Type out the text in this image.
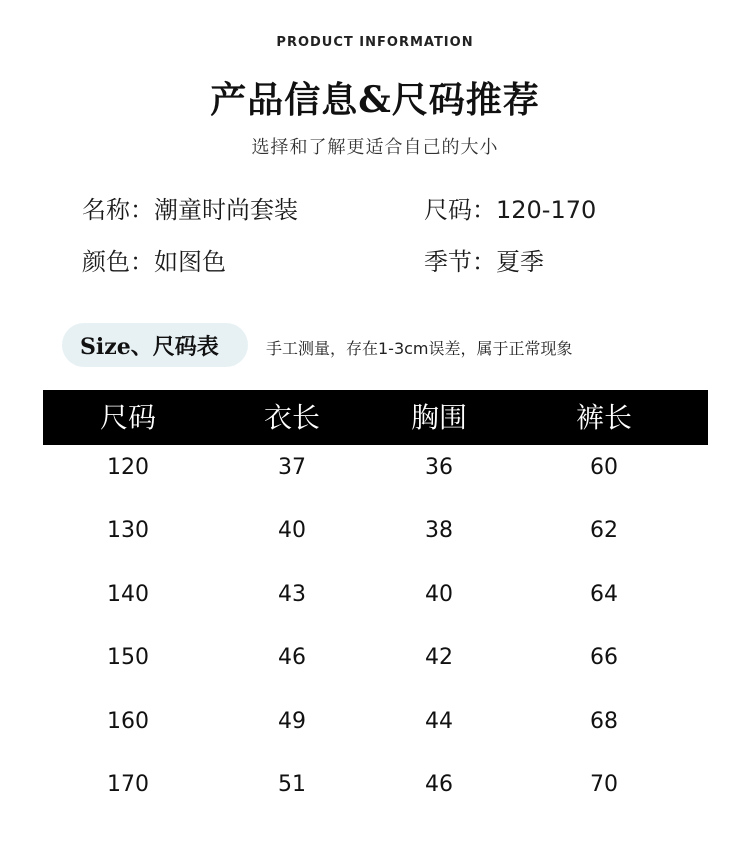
PRODUCT INFORMATION
产品信息&尺码推荐
选择和了解更适合自己的大小
名称：潮童时尚套装	尺码：120-170
颜色：如图色	季节：夏季
Size、尺码表	手工测量，存在1-3cm误差，属于正常现象
尺码	衣长	胸围	裤长
120	37	36	60
130	40	38	62
140	43	40	64
150	46	42	66
160	49	44	68
170	51	46	70
